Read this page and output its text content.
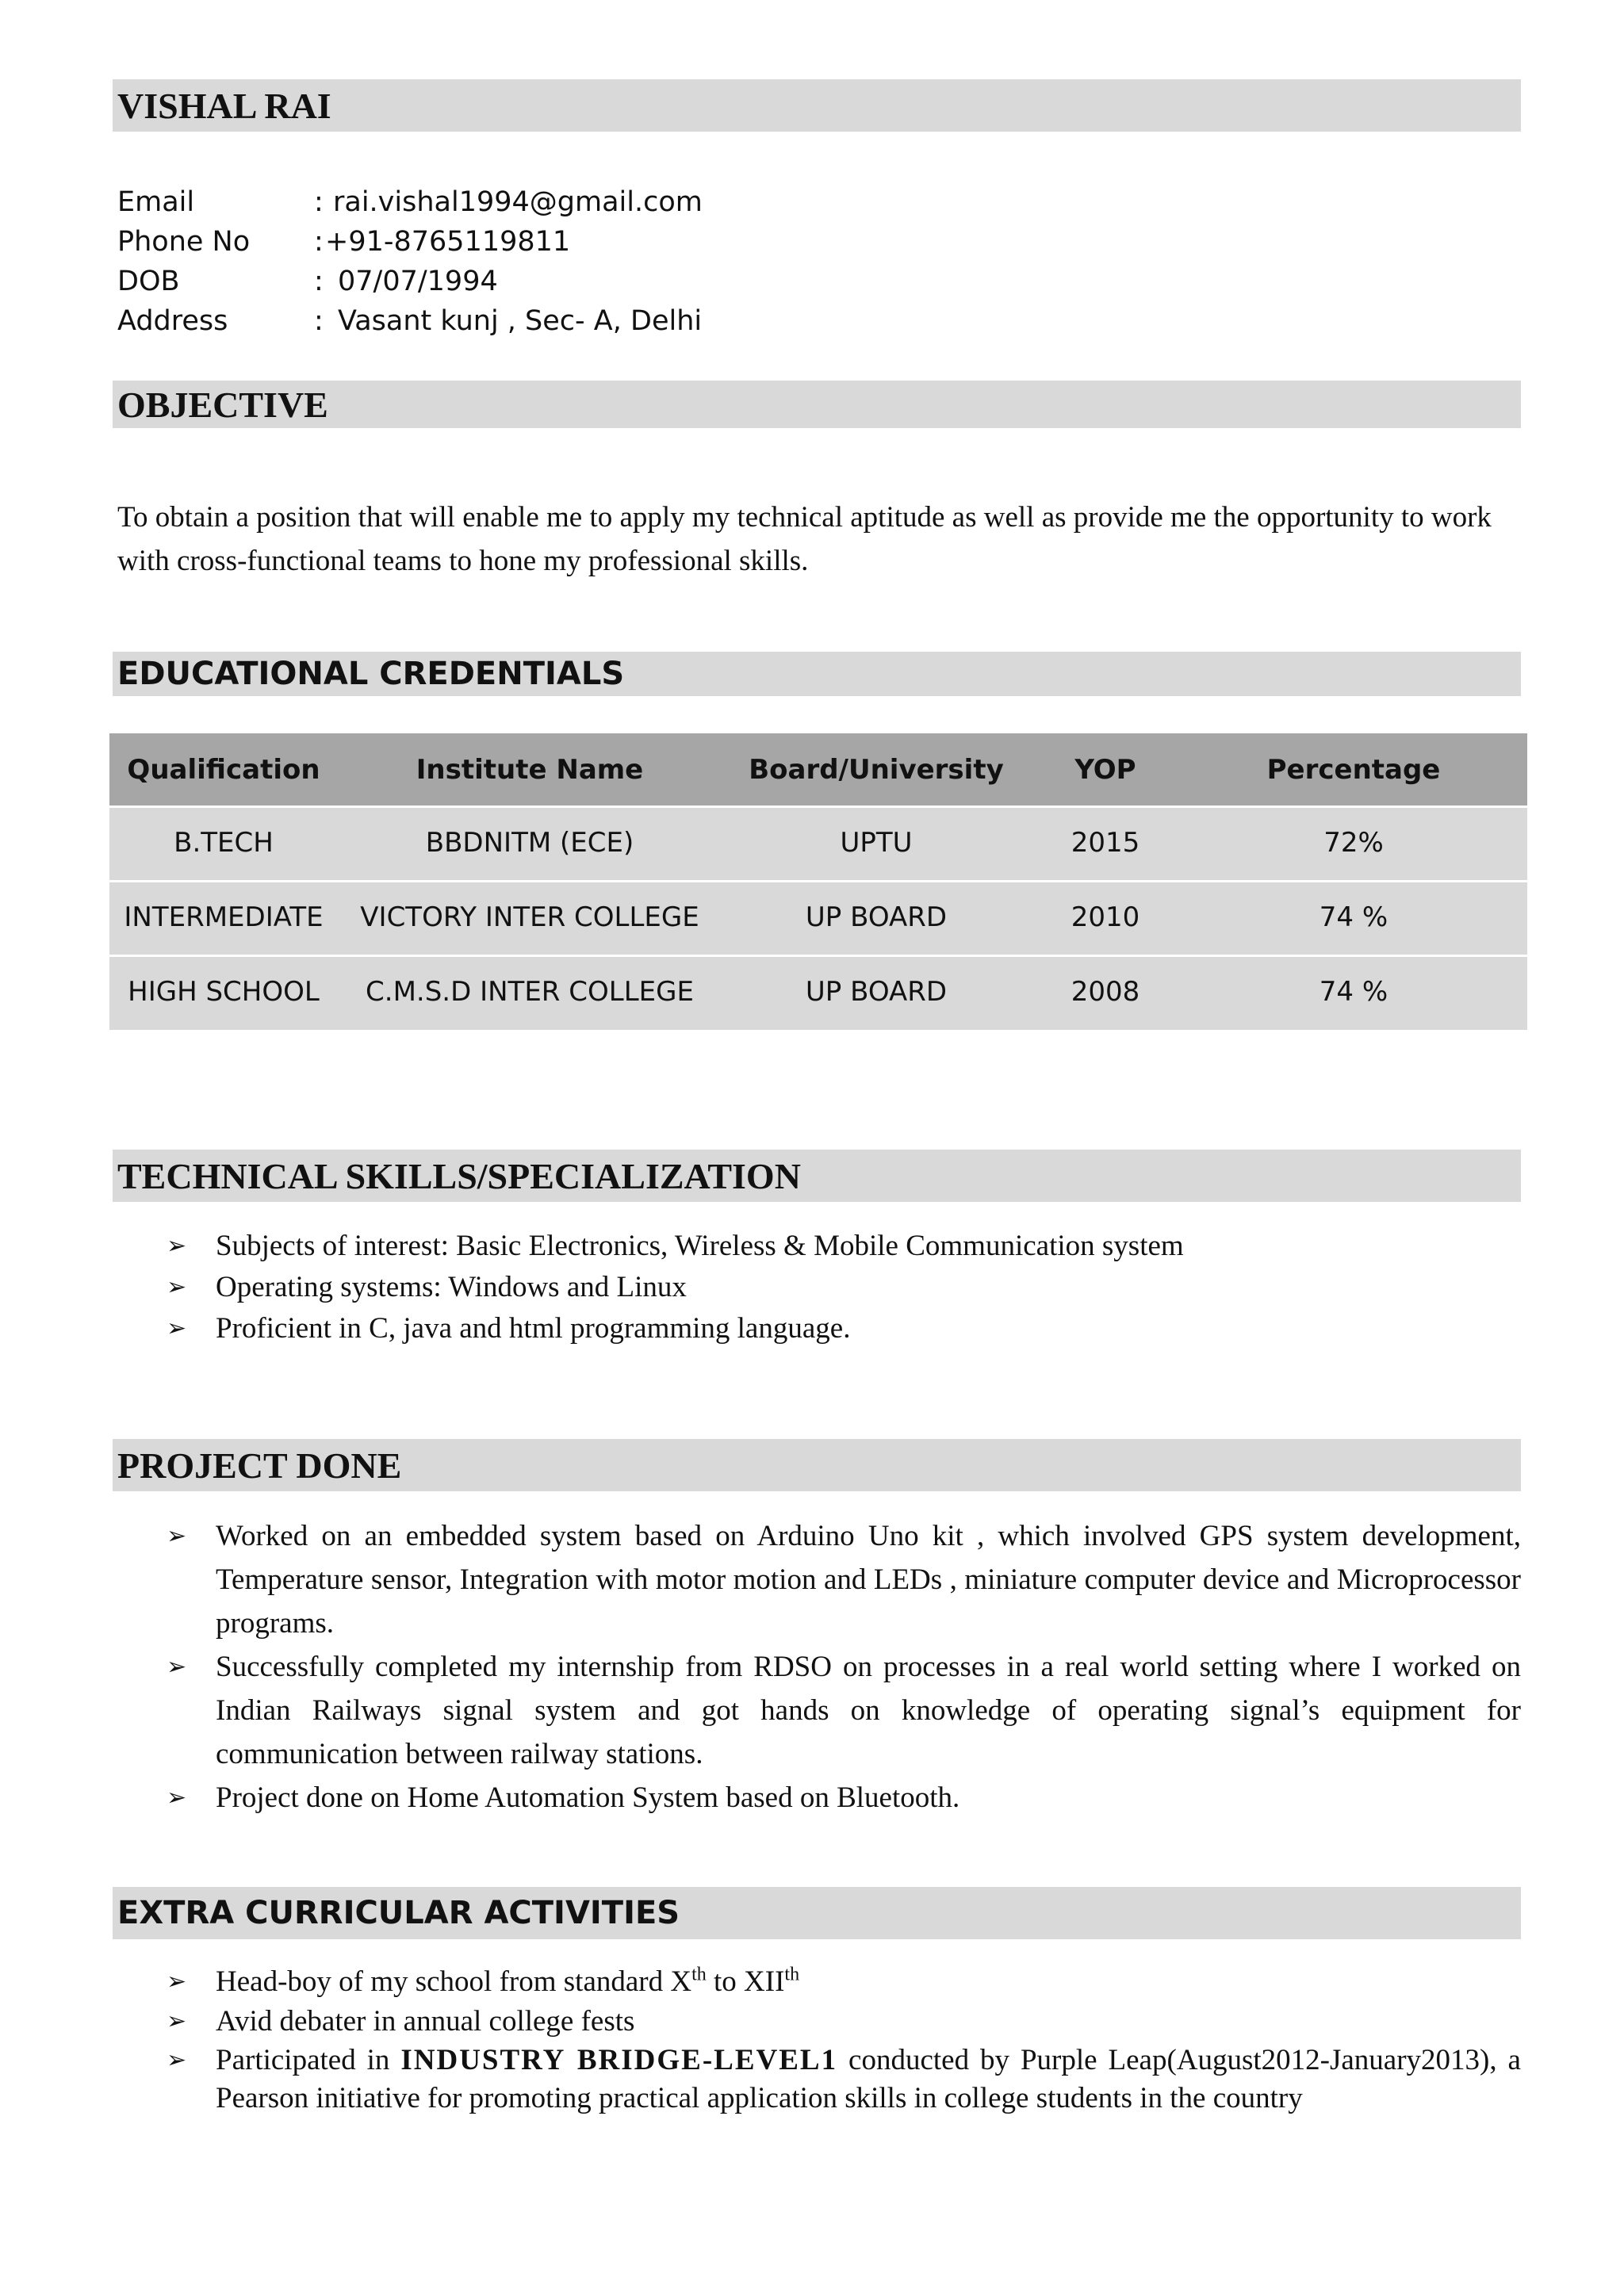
VISHAL RAI
Email	: rai.vishal1994@gmail.com
Phone No	: +91-8765119811
DOB	: 07/07/1994
Address	: Vasant kunj , Sec- A, Delhi
OBJECTIVE
To obtain a position that will enable me to apply my technical aptitude as well as provide me the opportunity to work with cross-functional teams to hone my professional skills.
EDUCATIONAL CREDENTIALS
Qualification	Institute Name	Board/University	YOP	Percentage
B.TECH	BBDNITM (ECE)	UPTU	2015	72%
INTERMEDIATE	VICTORY INTER COLLEGE	UP BOARD	2010	74 %
HIGH SCHOOL	C.M.S.D INTER COLLEGE	UP BOARD	2008	74 %
TECHNICAL SKILLS/SPECIALIZATION
➢ Subjects of interest: Basic Electronics, Wireless & Mobile Communication system
➢ Operating systems: Windows and Linux
➢ Proficient in C, java and html programming language.
PROJECT DONE
➢ Worked on an embedded system based on Arduino Uno kit , which involved GPS system development, Temperature sensor, Integration with motor motion and LEDs , miniature computer device and Microprocessor programs.
➢ Successfully completed my internship from RDSO on processes in a real world setting where I worked on Indian Railways signal system and got hands on knowledge of operating signal’s equipment for communication between railway stations.
➢ Project done on Home Automation System based on Bluetooth.
EXTRA CURRICULAR ACTIVITIES
➢ Head-boy of my school from standard Xth to XIIth
➢ Avid debater in annual college fests
➢ Participated in INDUSTRY BRIDGE-LEVEL1 conducted by Purple Leap(August2012-January2013), a Pearson initiative for promoting practical application skills in college students in the country
